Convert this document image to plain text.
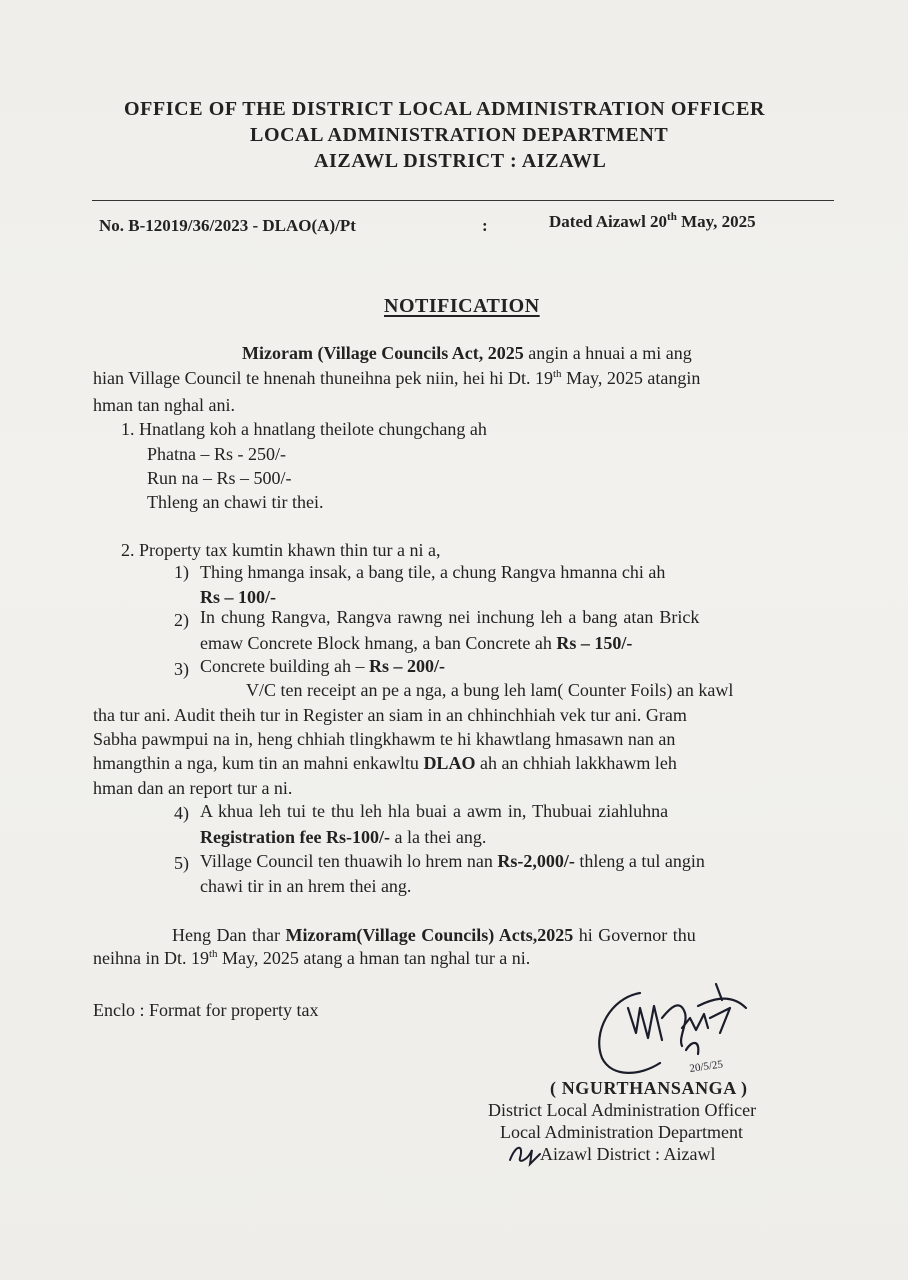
OFFICE OF THE DISTRICT LOCAL ADMINISTRATION OFFICER
LOCAL ADMINISTRATION DEPARTMENT
AIZAWL DISTRICT : AIZAWL
No. B-12019/36/2023 - DLAO(A)/Pt	:	Dated Aizawl 20th May, 2025
NOTIFICATION
Mizoram (Village Councils Act, 2025 angin a hnuai a mi ang
hian Village Council te hnenah thuneihna pek niin, hei hi Dt. 19th May, 2025 atangin
hman tan nghal ani.
1. Hnatlang koh a hnatlang theilote chungchang ah
Phatna – Rs - 250/-
Run na – Rs – 500/-
Thleng an chawi tir thei.
2. Property tax kumtin khawn thin tur a ni a,
1) Thing hmanga insak, a bang tile, a chung Rangva hmanna chi ah
Rs – 100/-
2) In chung Rangva, Rangva rawng nei inchung leh a bang atan Brick
emaw Concrete Block hmang, a ban Concrete ah Rs – 150/-
3) Concrete building ah – Rs – 200/-
V/C ten receipt an pe a nga, a bung leh lam( Counter Foils) an kawl
tha tur ani. Audit theih tur in Register an siam in an chhinchhiah vek tur ani. Gram
Sabha pawmpui na in, heng chhiah tlingkhawm te hi khawtlang hmasawn nan an
hmangthin a nga, kum tin an mahni enkawltu DLAO ah an chhiah lakkhawm leh
hman dan an report tur a ni.
4) A khua leh tui te thu leh hla buai a awm in, Thubuai ziahluhna
Registration fee Rs-100/- a la thei ang.
5) Village Council ten thuawih lo hrem nan Rs-2,000/- thleng a tul angin
chawi tir in an hrem thei ang.
Heng Dan thar Mizoram(Village Councils) Acts,2025 hi Governor thu
neihna in Dt. 19th May, 2025 atang a hman tan nghal tur a ni.
Enclo : Format for property tax
20/5/25
( NGURTHANSANGA )
District Local Administration Officer
Local Administration Department
Aizawl District : Aizawl
